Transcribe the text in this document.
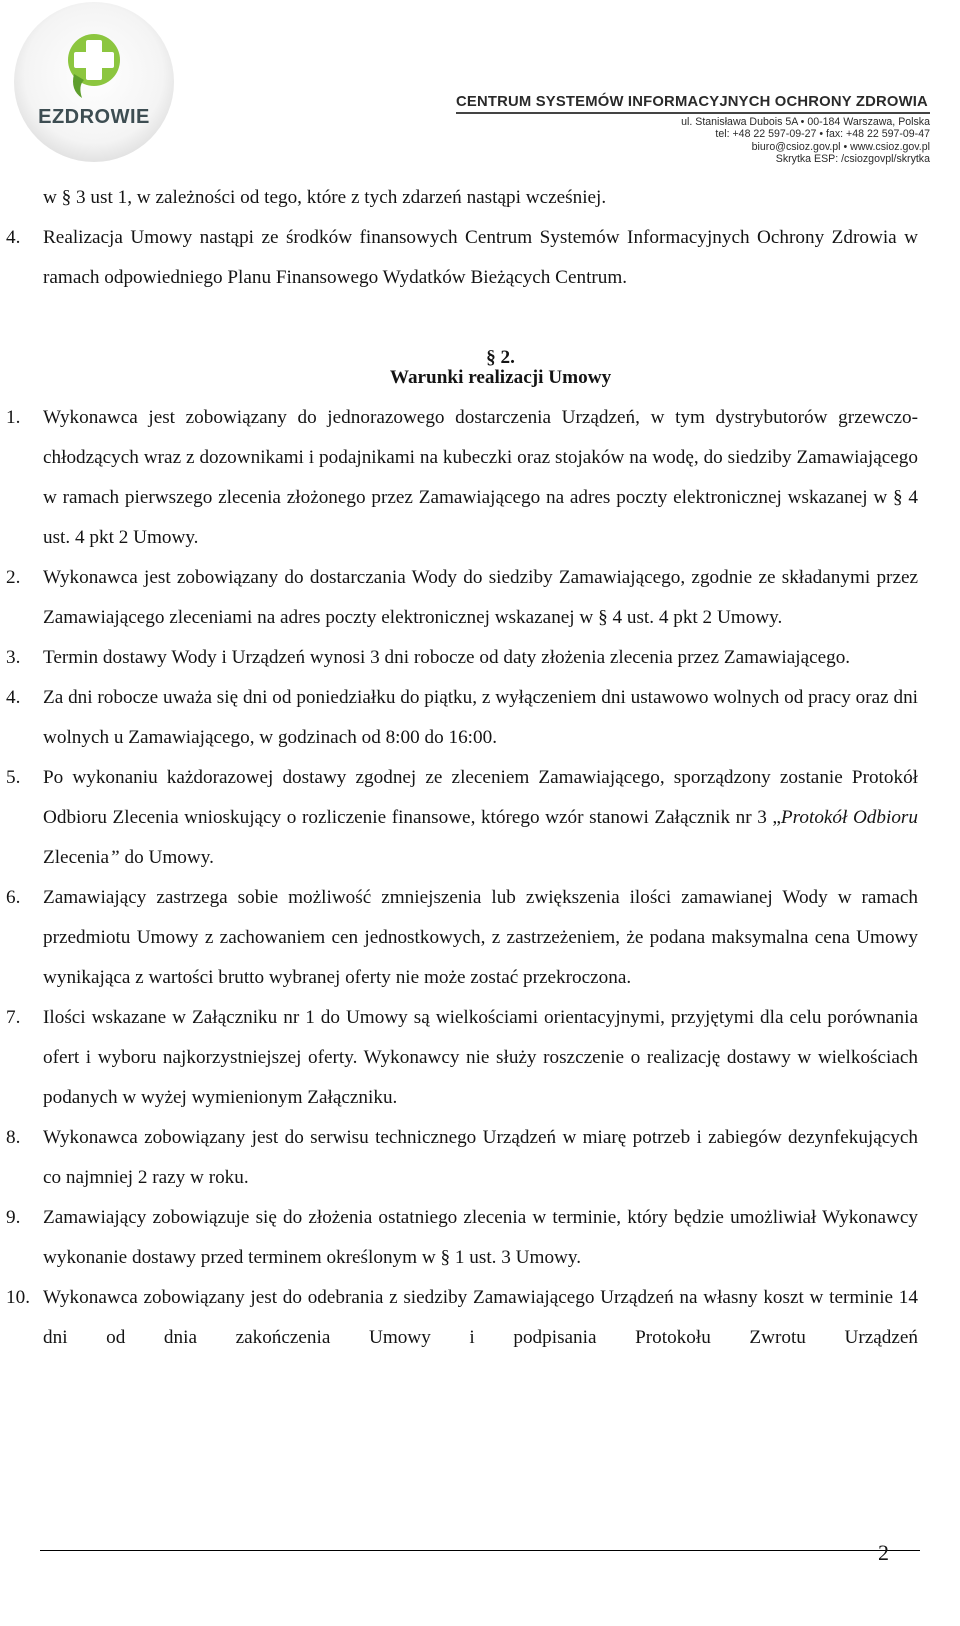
EZDROWIE
CENTRUM SYSTEMÓW INFORMACYJNYCH OCHRONY ZDROWIA
ul. Stanisława Dubois 5A • 00-184 Warszawa, Polska
tel: +48 22 597-09-27 • fax: +48 22 597-09-47
biuro@csioz.gov.pl • www.csioz.gov.pl
Skrytka ESP: /csiozgovpl/skrytka

w § 3 ust 1, w zależności od tego, które z tych zdarzeń nastąpi wcześniej.

4.	Realizacja Umowy nastąpi ze środków finansowych Centrum Systemów Informacyjnych Ochrony Zdrowia w ramach odpowiedniego Planu Finansowego Wydatków Bieżących Centrum.

§ 2.
Warunki realizacji Umowy
1.	Wykonawca jest zobowiązany do jednorazowego dostarczenia Urządzeń, w tym dystrybutorów grzewczo-chłodzących wraz z dozownikami i podajnikami na kubeczki oraz stojaków na wodę, do siedziby Zamawiającego w ramach pierwszego zlecenia złożonego przez Zamawiającego na adres poczty elektronicznej wskazanej w § 4 ust. 4 pkt 2 Umowy.

2.	Wykonawca jest zobowiązany do dostarczania Wody do siedziby Zamawiającego, zgodnie ze składanymi przez Zamawiającego zleceniami na adres poczty elektronicznej wskazanej w § 4 ust. 4 pkt 2 Umowy.

3.	Termin dostawy Wody i Urządzeń wynosi 3 dni robocze od daty złożenia zlecenia przez Zamawiającego.

4.	Za dni robocze uważa się dni od poniedziałku do piątku, z wyłączeniem dni ustawowo wolnych od pracy oraz dni wolnych u Zamawiającego, w godzinach od 8:00 do 16:00.

5.	Po wykonaniu każdorazowej dostawy zgodnej ze zleceniem Zamawiającego, sporządzony zostanie Protokół Odbioru Zlecenia wnioskujący o rozliczenie finansowe, którego wzór stanowi Załącznik nr 3 „Protokół Odbioru Zlecenia” do Umowy.

6.	Zamawiający zastrzega sobie możliwość zmniejszenia lub zwiększenia ilości zamawianej Wody w ramach przedmiotu Umowy z zachowaniem cen jednostkowych, z zastrzeżeniem, że podana maksymalna cena Umowy wynikająca z wartości brutto wybranej oferty nie może zostać przekroczona.

7.	Ilości wskazane w Załączniku nr 1 do Umowy są wielkościami orientacyjnymi, przyjętymi dla celu porównania ofert i wyboru najkorzystniejszej oferty. Wykonawcy nie służy roszczenie o realizację dostawy w wielkościach podanych w wyżej wymienionym Załączniku.

8.	Wykonawca zobowiązany jest do serwisu technicznego Urządzeń w miarę potrzeb i zabiegów dezynfekujących co najmniej 2 razy w roku.

9.	Zamawiający zobowiązuje się do złożenia ostatniego zlecenia w terminie, który będzie umożliwiał Wykonawcy wykonanie dostawy przed terminem określonym w § 1 ust. 3 Umowy.

10. Wykonawca zobowiązany jest do odebrania z siedziby Zamawiającego Urządzeń na własny koszt w terminie 14 dni od dnia zakończenia Umowy i podpisania Protokołu Zwrotu Urządzeń

2
